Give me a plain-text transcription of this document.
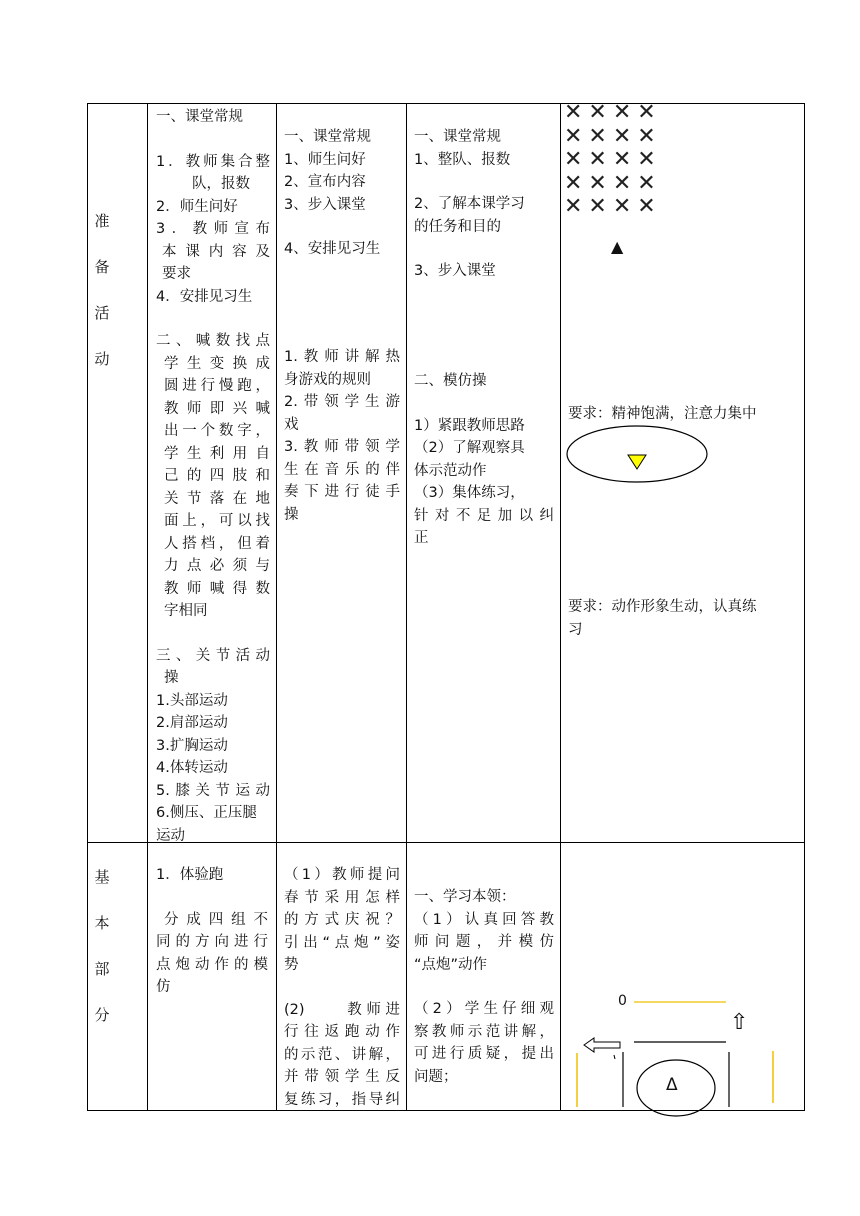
准
备
活
动

一、课堂常规

1．教师集合整

队，报数

2．师生问好

3．教师宣布

本课内容及

要求

4．安排见习生

二、喊数找点

学生变换成

圆进行慢跑，

教师即兴喊

出一个数字，

学生利用自

己的四肢和

关节落在地

面上，可以找

人搭档，但着

力点必须与

教师喊得数

字相同

三、关节活动

操

1.头部运动

2.肩部运动

3.扩胸运动

4.体转运动

5.膝关节运动

6.侧压、正压腿

运动

一、课堂常规

1、师生问好

2、宣布内容

3、步入课堂

4、安排见习生

1.教师讲解热

身游戏的规则

2.带领学生游

戏

3.教师带领学

生在音乐的伴

奏下进行徒手

操

一、课堂常规

1、整队、报数

2、了解本课学习

的任务和目的

3、步入课堂

二、模仿操

1）紧跟教师思路

（2）了解观察具

体示范动作

（3）集体练习，

针对不足加以纠

正

✕✕✕✕
✕✕✕✕
✕✕✕✕
✕✕✕✕
✕✕✕✕
▲
要求：精神饱满，注意力集中

要求：动作形象生动，认真练

习

基
本
部
分

1．体验跑

分成四组不

同的方向进行

点炮动作的模

仿

（1）教师提问

春节采用怎样

的方式庆祝？

引出“点炮”姿

势

(2)　　教师进

行往返跑动作

的示范、讲解，

并带领学生反

复练习，指导纠

一、学习本领：

（1）认真回答教

师问题，并模仿

“点炮”动作

（2）学生仔细观

察教师示范讲解，

可进行质疑，提出

问题；

0
⇧
Δ
